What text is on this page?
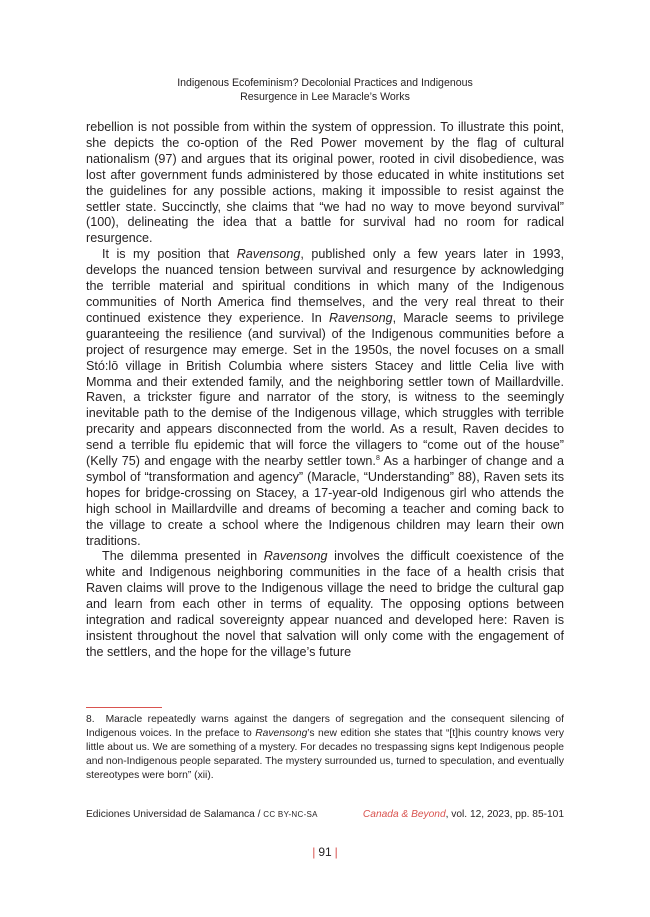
Indigenous Ecofeminism? Decolonial Practices and Indigenous
Resurgence in Lee Maracle’s Works

rebellion is not possible from within the system of oppression. To illustrate this point, she depicts the co-option of the Red Power movement by the flag of cultural nationalism (97) and argues that its original power, rooted in civil disobedience, was lost after government funds administered by those educated in white institutions set the guidelines for any possible actions, making it impossible to resist against the settler state. Succinctly, she claims that “we had no way to move beyond survival” (100), delineating the idea that a battle for survival had no room for radical resurgence.

It is my position that Ravensong, published only a few years later in 1993, develops the nuanced tension between survival and resurgence by acknowledging the terrible material and spiritual conditions in which many of the Indigenous communities of North America find themselves, and the very real threat to their continued existence they experience. In Ravensong, Maracle seems to privilege guaranteeing the resilience (and survival) of the Indigenous communities before a project of resurgence may emerge. Set in the 1950s, the novel focuses on a small Stó:lō village in British Columbia where sisters Stacey and little Celia live with Momma and their extended family, and the neighboring settler town of Maillardville. Raven, a trickster figure and narrator of the story, is witness to the seemingly inevitable path to the demise of the Indigenous village, which struggles with terrible precarity and appears disconnected from the world. As a result, Raven decides to send a terrible flu epidemic that will force the villagers to “come out of the house” (Kelly 75) and engage with the nearby settler town.$^8$ As a harbinger of change and a symbol of “transformation and agency” (Maracle, “Understanding” 88), Raven sets its hopes for bridge-crossing on Stacey, a 17-year-old Indigenous girl who attends the high school in Maillardville and dreams of becoming a teacher and coming back to the village to create a school where the Indigenous children may learn their own traditions.

The dilemma presented in Ravensong involves the difficult coexistence of the white and Indigenous neighboring communities in the face of a health crisis that Raven claims will prove to the Indigenous village the need to bridge the cultural gap and learn from each other in terms of equality. The opposing options between integration and radical sovereignty appear nuanced and developed here: Raven is insistent throughout the novel that salvation will only come with the engagement of the settlers, and the hope for the village’s future

8. Maracle repeatedly warns against the dangers of segregation and the consequent silencing of Indigenous voices. In the preface to Ravensong’s new edition she states that “[t]his country knows very little about us. We are something of a mystery. For decades no trespassing signs kept Indigenous people and non-Indigenous people separated. The mystery surrounded us, turned to speculation, and eventually stereotypes were born” (xii).

Ediciones Universidad de Salamanca / CC BY-NC-SA	Canada & Beyond, vol. 12, 2023, pp. 85-101
| 91 |
